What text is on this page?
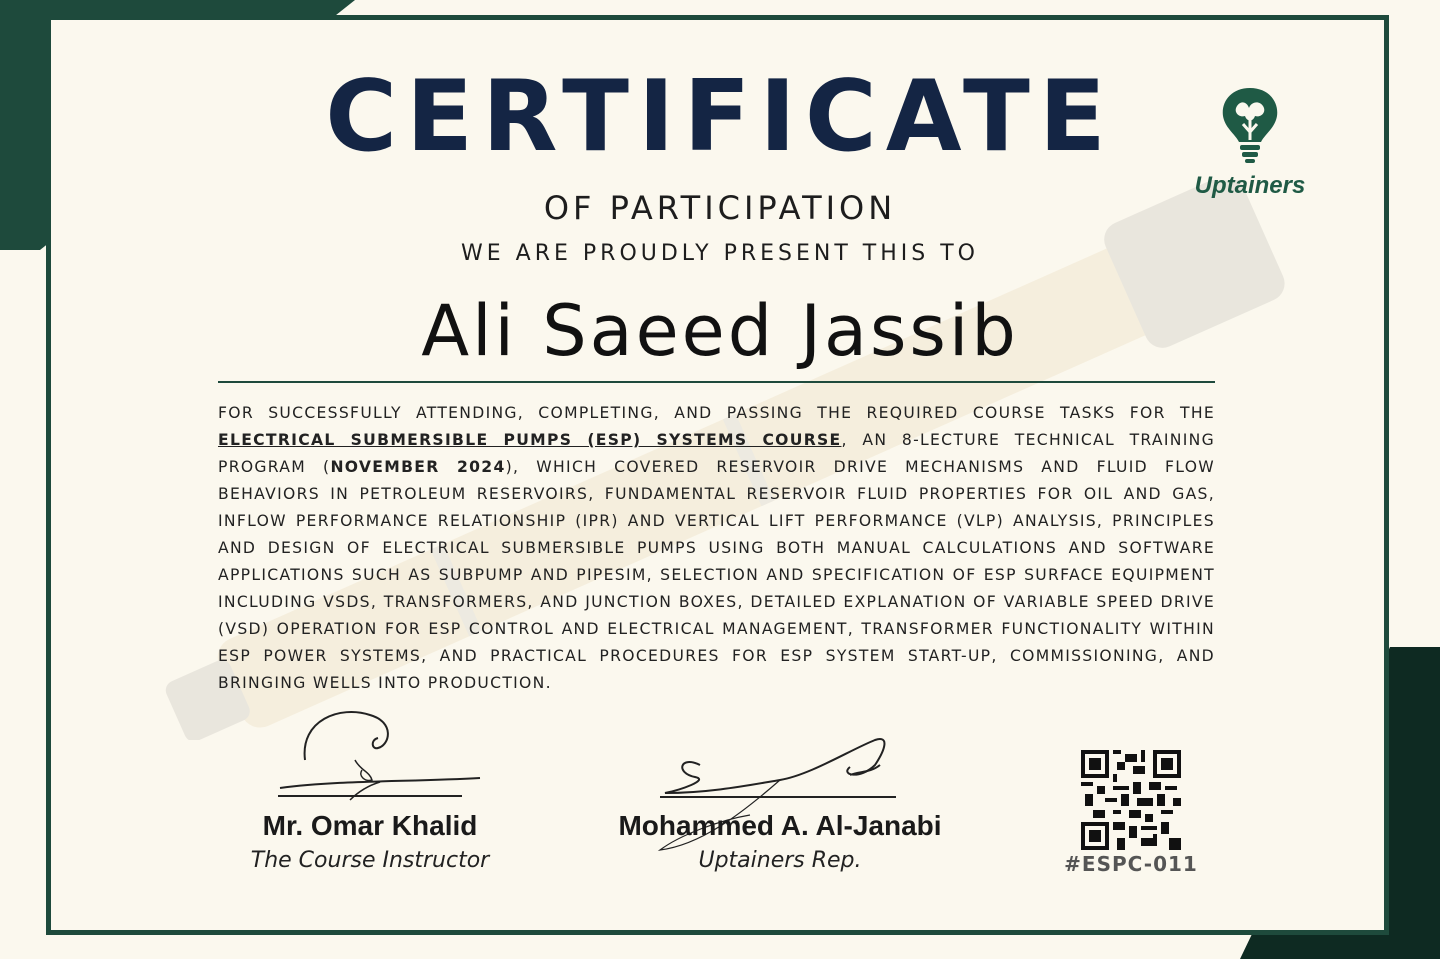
CERTIFICATE
OF PARTICIPATION
WE ARE PROUDLY PRESENT THIS TO
Ali Saeed Jassib
FOR SUCCESSFULLY ATTENDING, COMPLETING, AND PASSING THE REQUIRED COURSE TASKS FOR THE ELECTRICAL SUBMERSIBLE PUMPS (ESP) SYSTEMS COURSE, AN 8-LECTURE TECHNICAL TRAINING PROGRAM (NOVEMBER 2024), WHICH COVERED RESERVOIR DRIVE MECHANISMS AND FLUID FLOW BEHAVIORS IN PETROLEUM RESERVOIRS, FUNDAMENTAL RESERVOIR FLUID PROPERTIES FOR OIL AND GAS, INFLOW PERFORMANCE RELATIONSHIP (IPR) AND VERTICAL LIFT PERFORMANCE (VLP) ANALYSIS, PRINCIPLES AND DESIGN OF ELECTRICAL SUBMERSIBLE PUMPS USING BOTH MANUAL CALCULATIONS AND SOFTWARE APPLICATIONS SUCH AS SUBPUMP AND PIPESIM, SELECTION AND SPECIFICATION OF ESP SURFACE EQUIPMENT INCLUDING VSDS, TRANSFORMERS, AND JUNCTION BOXES, DETAILED EXPLANATION OF VARIABLE SPEED DRIVE (VSD) OPERATION FOR ESP CONTROL AND ELECTRICAL MANAGEMENT, TRANSFORMER FUNCTIONALITY WITHIN ESP POWER SYSTEMS, AND PRACTICAL PROCEDURES FOR ESP SYSTEM START-UP, COMMISSIONING, AND BRINGING WELLS INTO PRODUCTION.
Uptainers
Mr. Omar Khalid
The Course Instructor
Mohammed A. Al-Janabi
Uptainers Rep.	#ESPC-011
